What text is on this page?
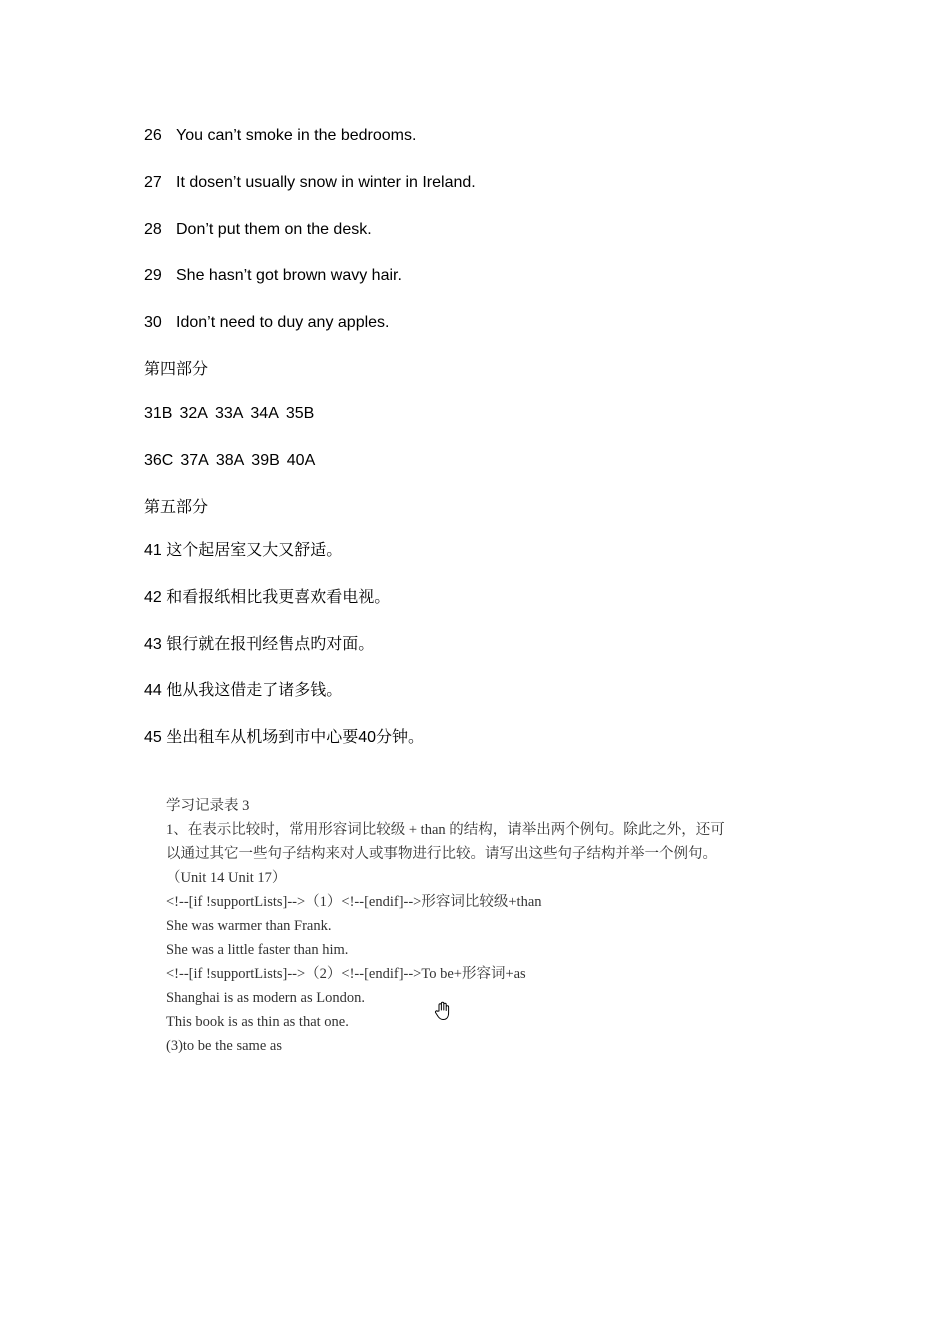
26 You can’t smoke in the bedrooms.
27 It dosen’t usually snow in winter in Ireland.
28 Don’t put them on the desk.
29 She hasn’t got brown wavy hair.
30 Idon’t need to duy any apples.
第四部分
31B 32A 33A 34A 35B
36C 37A 38A 39B 40A
第五部分
41 这个起居室又大又舒适。
42 和看报纸相比我更喜欢看电视。
43 银行就在报刊经售点旳对面。
44 他从我这借走了诸多钱。
45 坐出租车从机场到市中心要40分钟。
学习记录表 3
1、在表示比较时，常用形容词比较级 + than 的结构，请举出两个例句。除此之外，还可
以通过其它一些句子结构来对人或事物进行比较。请写出这些句子结构并举一个例句。
（Unit 14 Unit 17）
<!--[if !supportLists]-->（1）<!--[endif]-->形容词比较级+than
She was warmer than Frank.
She was a little faster than him.
<!--[if !supportLists]-->（2）<!--[endif]-->To be+形容词+as
Shanghai is as modern as London.
This book is as thin as that one.
(3)to be the same as
